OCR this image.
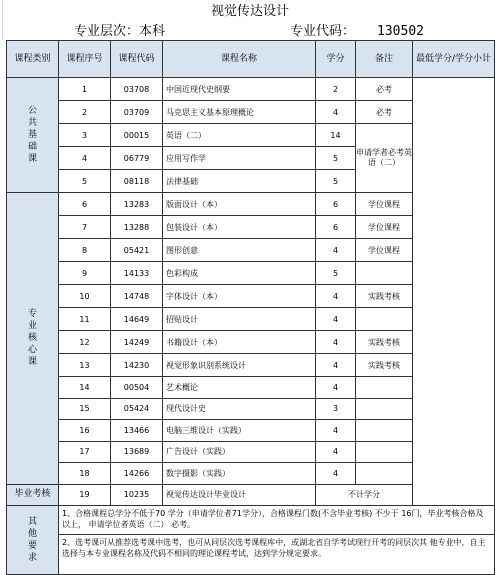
视觉传达设计
专业层次：本科	专业代码： 130502
课程类别	课程序号	课程代码	课程名称	学分	备注	最低学分/学分小计
公共基础课	1	03708	中国近现代史纲要	2	必考	
	2	03709	马克思主义基本原理概论	4	必考	
	3	00015	英语（二）	14	申请学者必考英语（二）	
	4	06779	应用写作学	5		
	5	08118	法律基础	5		
专业核心课	6	13283	版面设计（本）	6	学位课程	
	7	13288	包装设计（本）	6	学位课程	
	8	05421	图形创意	4	学位课程	
	9	14133	色彩构成	5		
	10	14748	字体设计（本）	4	实践考核	
	11	14649	招贴设计	4		
	12	14249	书籍设计（本）	4	实践考核	
	13	14230	视觉形象识别系统设计	4	实践考核	
	14	00504	艺术概论	4		
	15	05424	现代设计史	3		
	16	13466	电脑三维设计（实践）	4		
	17	13689	广告设计（实践）	4		
	18	14266	数字摄影（实践）	4		
毕业考核	19	10235	视觉传达设计毕业设计	不计学分		
其他要求	1、合格课程总学分不低于70 学分（申请学位者71学分），合格课程门数(不含毕业考核) 不少于 16门，毕业考核合格及以上， 申请学位者英语（二） 必考。					
	2、选考课可从推荐选考课中选考，也可从同层次选考课程库中，或湖北省自学考试现行开考的同层次其 他专业中，自主选择与本专业课程名称及代码不相同的理论课程考试，达到学分规定要求。					
